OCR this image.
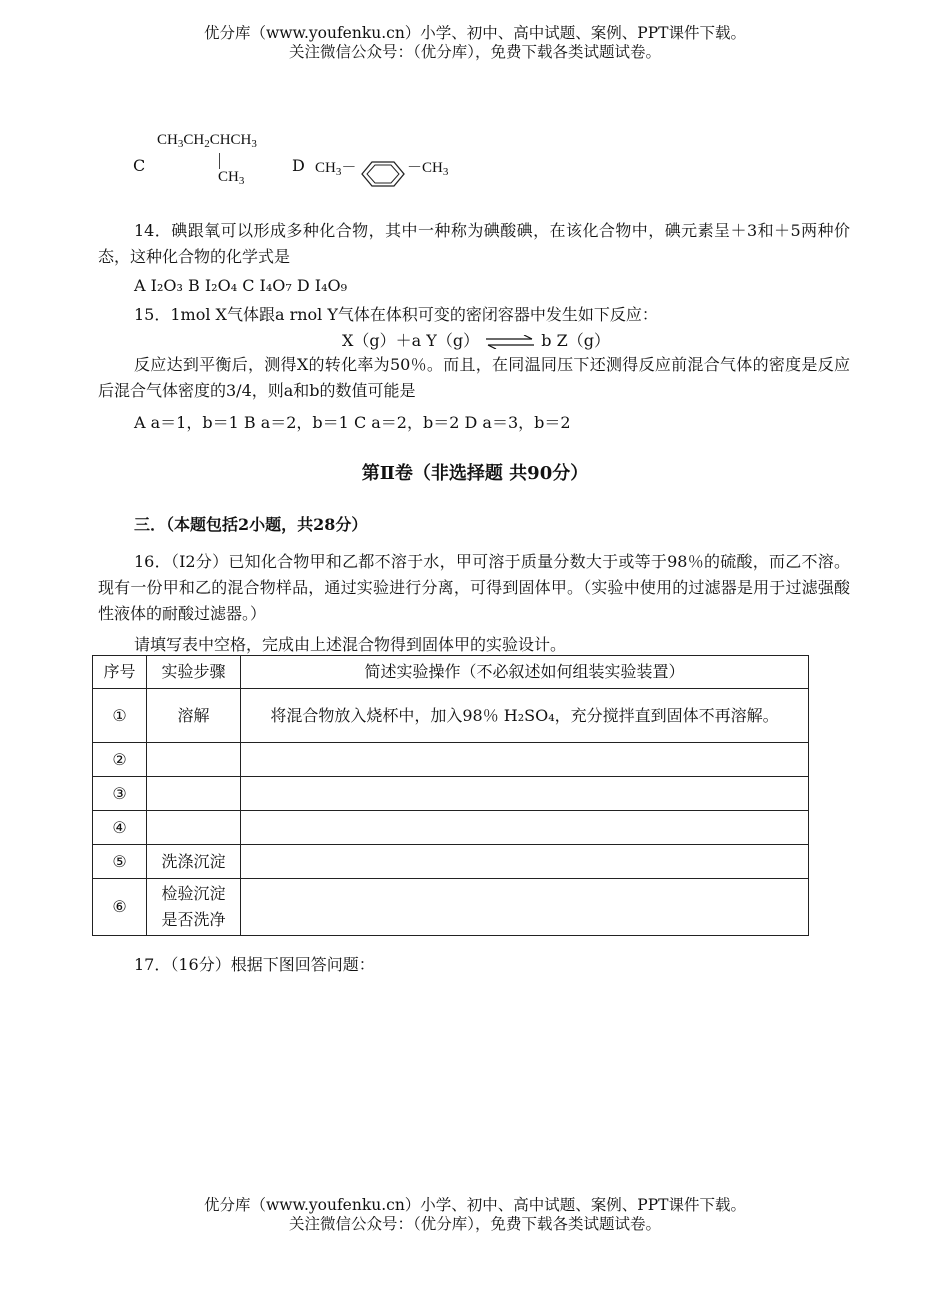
优分库（www.youfenku.cn）小学、初中、高中试题、案例、PPT课件下载。
关注微信公众号：（优分库），免费下载各类试题试卷。
C
$CH_3CH_2CHCH_3$
$CH_3$
D $CH_3-$	$-CH_3$
14．碘跟氧可以形成多种化合物，其中一种称为碘酸碘，在该化合物中，碘元素呈＋3和＋5两种价态，这种化合物的化学式是
A I₂O₃ B I₂O₄ C I₄O₇ D I₄O₉
15．1mol X气体跟a rnol Y气体在体积可变的密闭容器中发生如下反应：
X（g）＋a Y（g） ⇌ b Z（g）
反应达到平衡后，测得X的转化率为50％。而且，在同温同压下还测得反应前混合气体的密度是反应后混合气体密度的3/4，则a和b的数值可能是
A a＝1，b＝1 B a＝2，b＝1 C a＝2，b＝2 D a＝3，b＝2
第Ⅱ卷（非选择题 共90分）
三．（本题包括2小题，共28分）
16．（I2分）已知化合物甲和乙都不溶于水，甲可溶于质量分数大于或等于98％的硫酸，而乙不溶。现有一份甲和乙的混合物样品，通过实验进行分离，可得到固体甲。（实验中使用的过滤器是用于过滤强酸性液体的耐酸过滤器。）
请填写表中空格，完成由上述混合物得到固体甲的实验设计。
序号	实验步骤	简述实验操作（不必叙述如何组装实验装置）
①	溶解	将混合物放入烧杯中，加入98％ H₂SO₄，充分搅拌直到固体不再溶解。
②		
③		
④		
⑤	洗涤沉淀	
⑥	检验沉淀是否洗净	
17．（16分）根据下图回答问题：
优分库（www.youfenku.cn）小学、初中、高中试题、案例、PPT课件下载。
关注微信公众号：（优分库），免费下载各类试题试卷。
